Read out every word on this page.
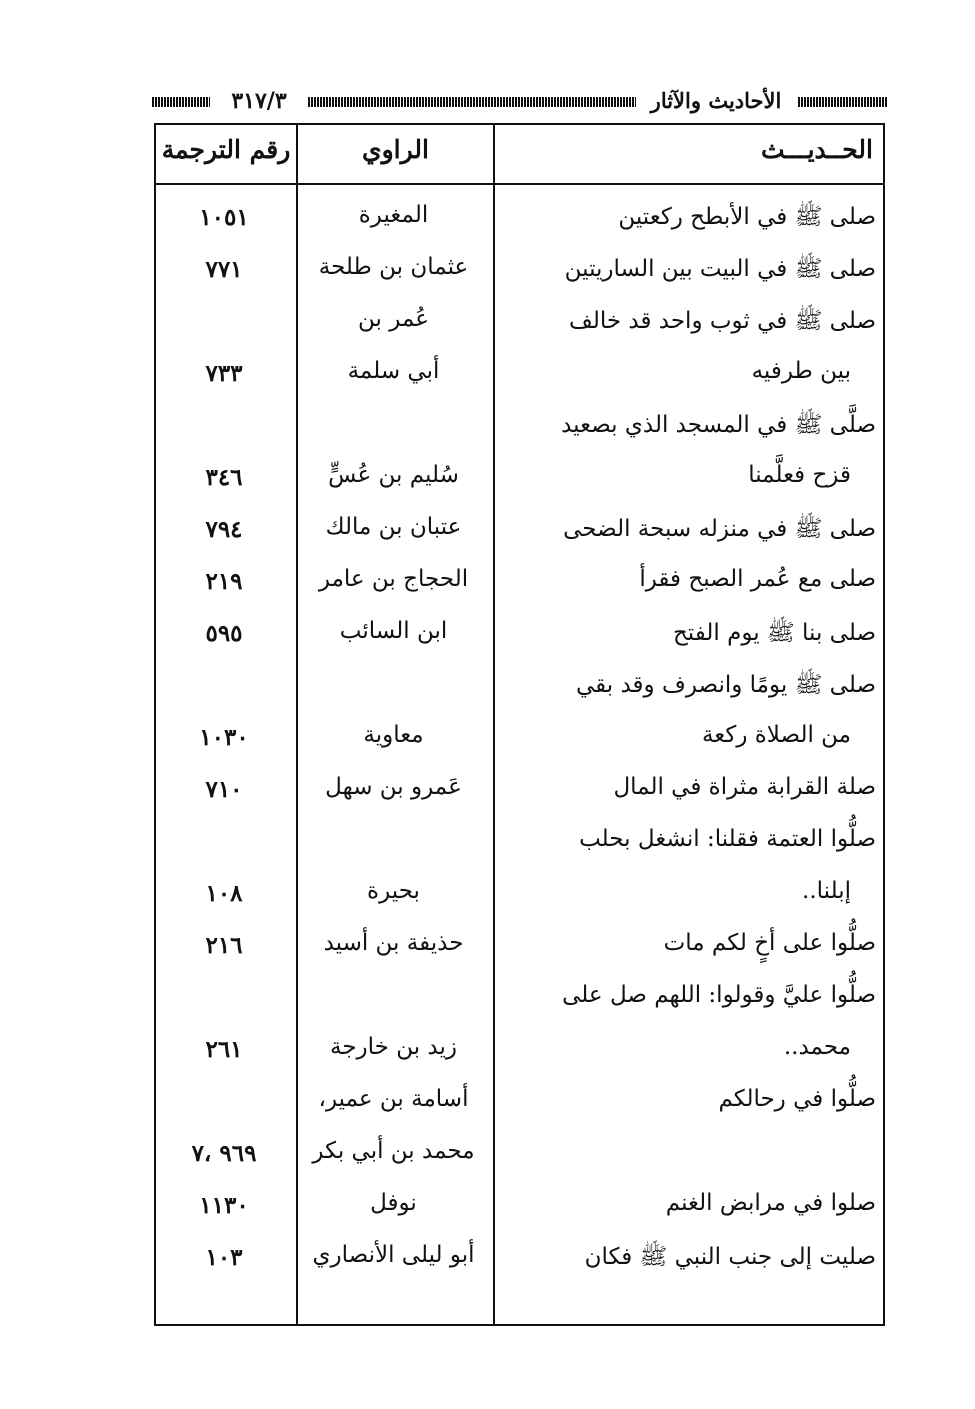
٣١٧/٣	الأحاديث والآثار
الحــديـــث
الراوي
رقم الترجمة
صلى ﷺ في الأبطح ركعتين
المغيرة
١٠٥١
صلى ﷺ في البيت بين الساريتين
عثمان بن طلحة
٧٧١
صلى ﷺ في ثوب واحد قد خالف
عُمر بن
بين طرفيه
أبي سلمة
٧٣٣
صلَّى ﷺ في المسجد الذي بصعيد
قزح فعلَّمنا
سُليم بن عُسٍّ
٣٤٦
صلى ﷺ في منزله سبحة الضحى
عتبان بن مالك
٧٩٤
صلى مع عُمر الصبح فقرأ
الحجاج بن عامر
٢١٩
صلى بنا ﷺ يوم الفتح
ابن السائب
٥٩٥
صلى ﷺ يومًا وانصرف وقد بقي
من الصلاة ركعة
معاوية
١٠٣٠
صلة القرابة مثراة في المال
عَمرو بن سهل
٧١٠
صلُّوا العتمة فقلنا: انشغل بحلب
إبلنا..
بحيرة
١٠٨
صلُّوا على أخٍ لكم مات
حذيفة بن أسيد
٢١٦
صلُّوا عليَّ وقولوا: اللهم صل على
محمد..
زيد بن خارجة
٢٦١
صلُّوا في رحالكم
أسامة بن عمير،
محمد بن أبي بكر
٩٦٩ ،٧
صلوا في مرابض الغنم
نوفل
١١٣٠
صليت إلى جنب النبي ﷺ فكان
أبو ليلى الأنصاري
١٠٣
